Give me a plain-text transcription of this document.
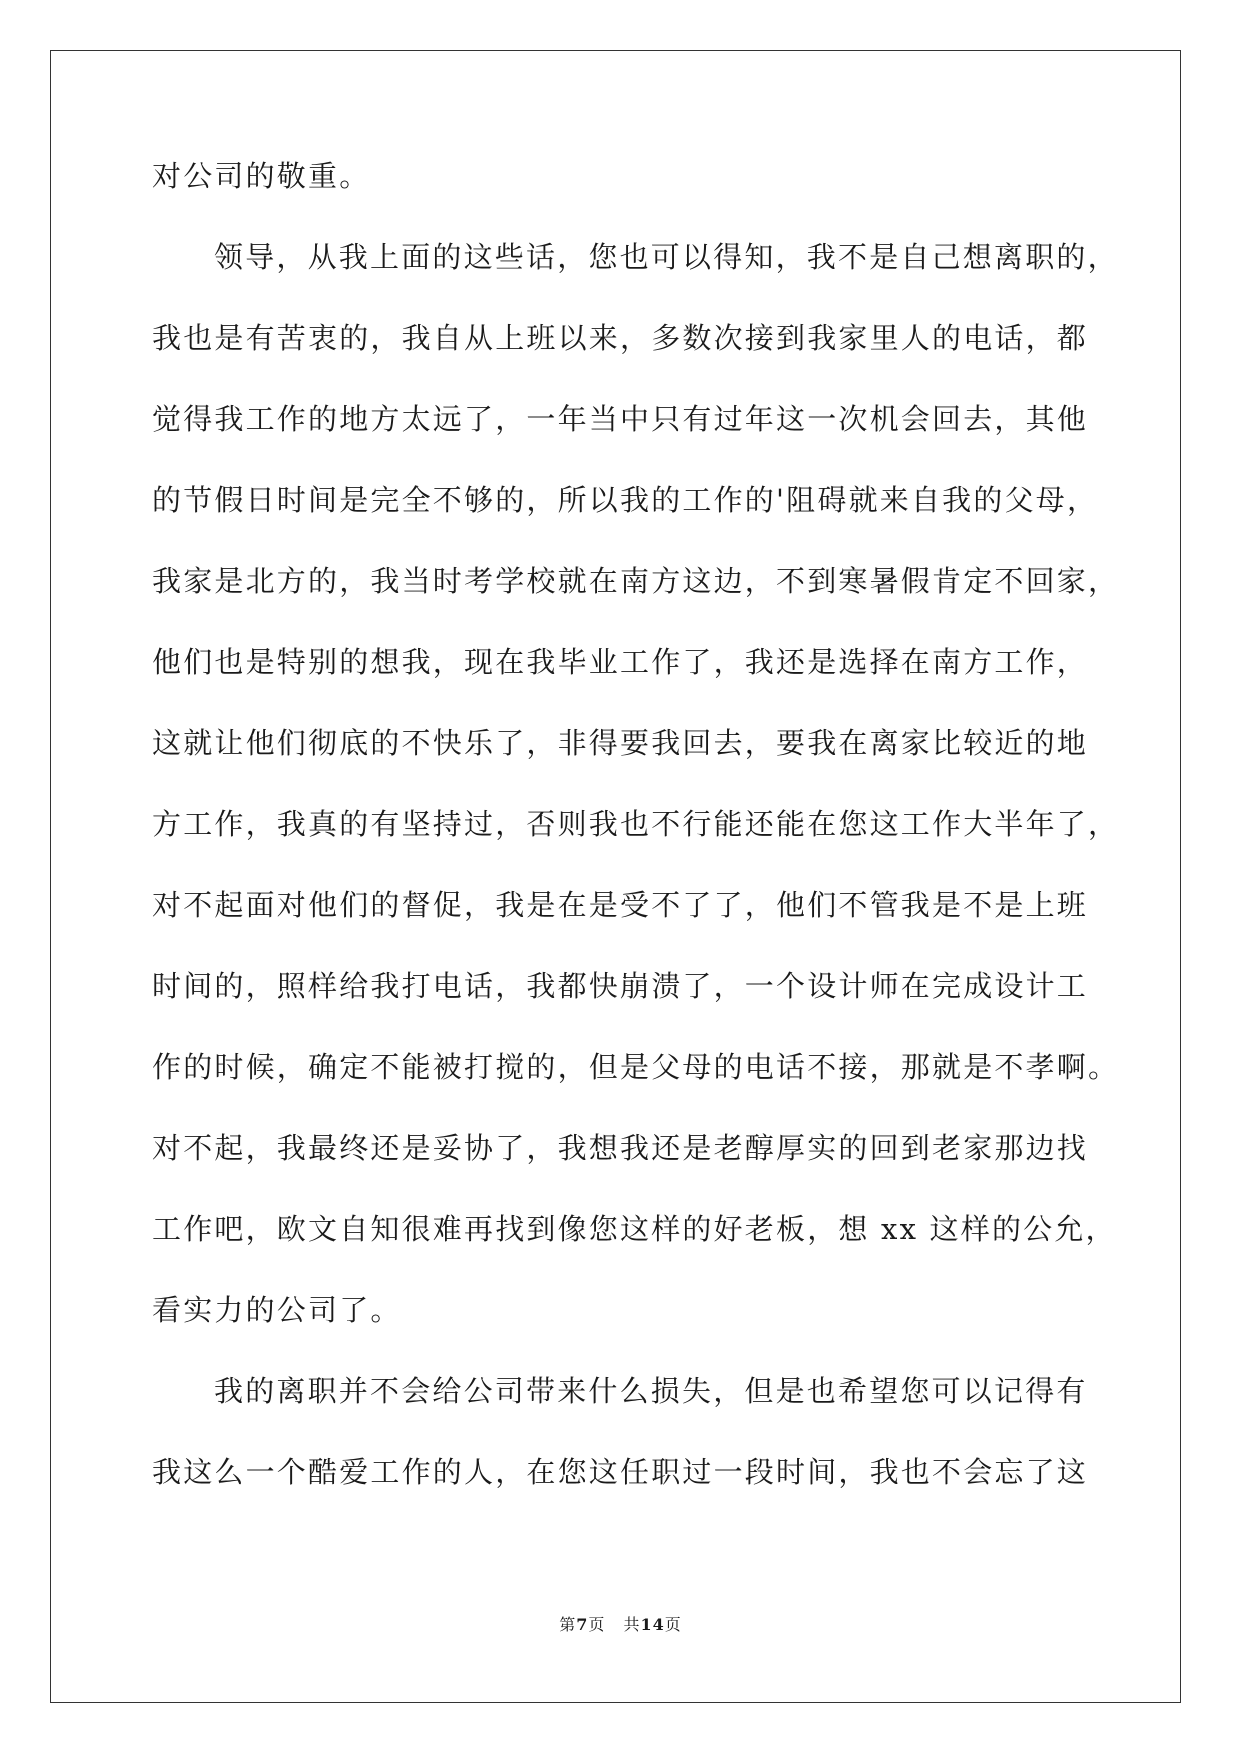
对公司的敬重。
领导，从我上面的这些话，您也可以得知，我不是自己想离职的，
我也是有苦衷的，我自从上班以来，多数次接到我家里人的电话，都
觉得我工作的地方太远了，一年当中只有过年这一次机会回去，其他
的节假日时间是完全不够的，所以我的工作的'阻碍就来自我的父母，
我家是北方的，我当时考学校就在南方这边，不到寒暑假肯定不回家，
他们也是特别的想我，现在我毕业工作了，我还是选择在南方工作，
这就让他们彻底的不快乐了，非得要我回去，要我在离家比较近的地
方工作，我真的有坚持过，否则我也不行能还能在您这工作大半年了，
对不起面对他们的督促，我是在是受不了了，他们不管我是不是上班
时间的，照样给我打电话，我都快崩溃了，一个设计师在完成设计工
作的时候，确定不能被打搅的，但是父母的电话不接，那就是不孝啊。
对不起，我最终还是妥协了，我想我还是老醇厚实的回到老家那边找
工作吧，欧文自知很难再找到像您这样的好老板，想 xx 这样的公允，
看实力的公司了。
我的离职并不会给公司带来什么损失，但是也希望您可以记得有
我这么一个酷爱工作的人，在您这任职过一段时间，我也不会忘了这
第7页 共14页
